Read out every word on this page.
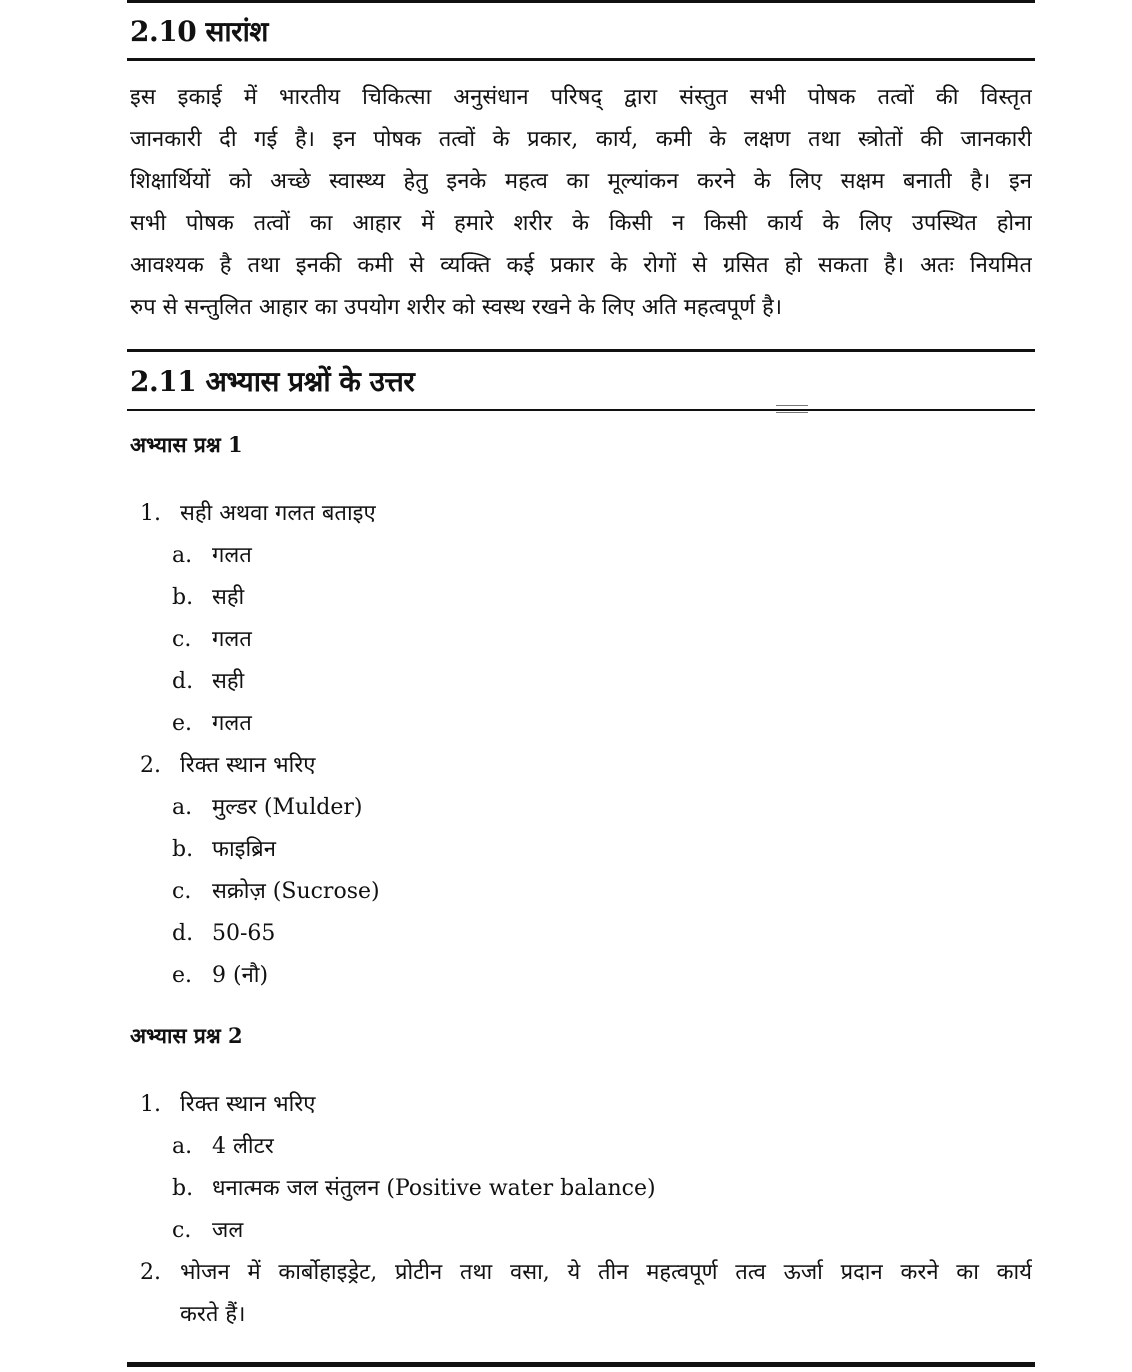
2.10 सारांश
इस इकाई में भारतीय चिकित्सा अनुसंधान परिषद् द्वारा संस्तुत सभी पोषक तत्वों की विस्तृत
जानकारी दी गई है। इन पोषक तत्वों के प्रकार, कार्य, कमी के लक्षण तथा स्त्रोतों की जानकारी
शिक्षार्थियों को अच्छे स्वास्थ्य हेतु इनके महत्व का मूल्यांकन करने के लिए सक्षम बनाती है। इन
सभी पोषक तत्वों का आहार में हमारे शरीर के किसी न किसी कार्य के लिए उपस्थित होना
आवश्यक है तथा इनकी कमी से व्यक्ति कई प्रकार के रोगों से ग्रसित हो सकता है। अतः नियमित
रुप से सन्तुलित आहार का उपयोग शरीर को स्वस्थ रखने के लिए अति महत्वपूर्ण है।
2.11 अभ्यास प्रश्नों के उत्तर
अभ्यास प्रश्न 1
1. सही अथवा गलत बताइए
a. गलत
b. सही
c. गलत
d. सही
e. गलत
2. रिक्त स्थान भरिए
a. मुल्डर (Mulder)
b. फाइब्रिन
c. सक्रोज़ (Sucrose)
d. 50-65
e. 9 (नौ)
अभ्यास प्रश्न 2
1. रिक्त स्थान भरिए
a. 4 लीटर
b. धनात्मक जल संतुलन (Positive water balance)
c. जल
2. भोजन में कार्बोहाइड्रेट, प्रोटीन तथा वसा, ये तीन महत्वपूर्ण तत्व ऊर्जा प्रदान करने का कार्य
करते हैं।
